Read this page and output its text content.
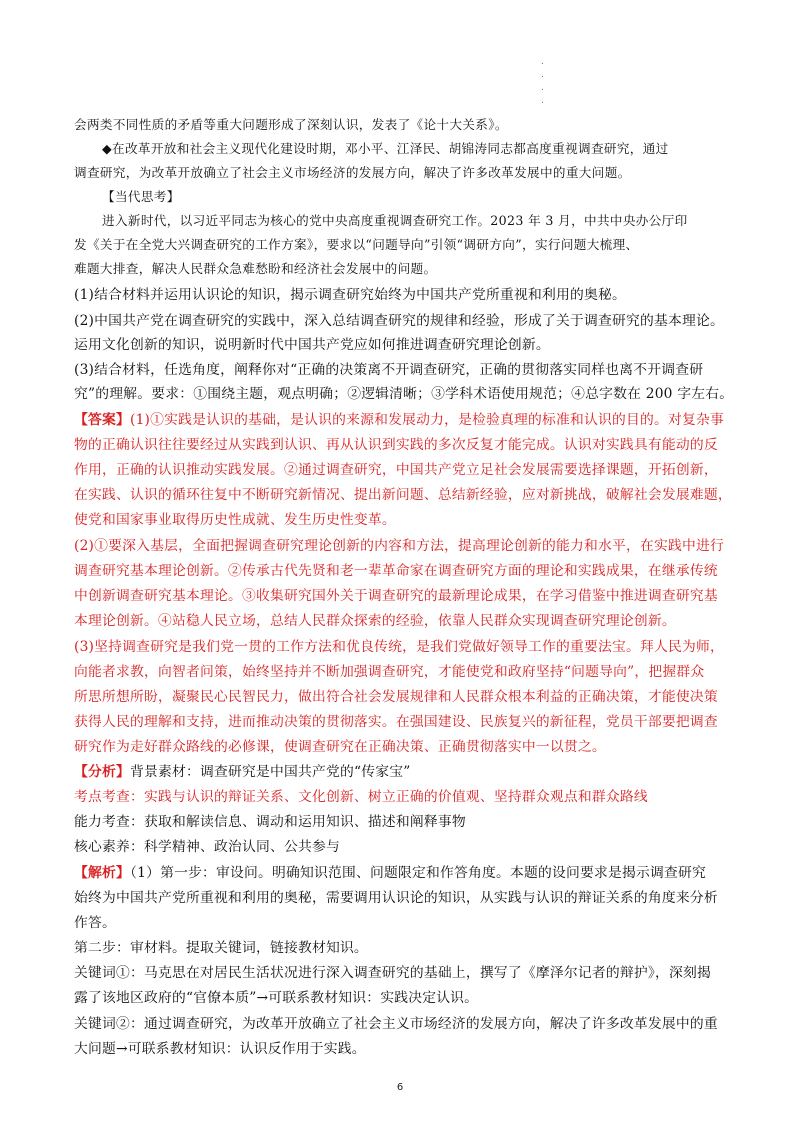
.
.
.
.
会两类不同性质的矛盾等重大问题形成了深刻认识，发表了《论十大关系》。
◆在改革开放和社会主义现代化建设时期，邓小平、江泽民、胡锦涛同志都高度重视调查研究，通过
调查研究，为改革开放确立了社会主义市场经济的发展方向，解决了许多改革发展中的重大问题。
【当代思考】
进入新时代，以习近平同志为核心的党中央高度重视调查研究工作。2023 年 3 月，中共中央办公厅印
发《关于在全党大兴调查研究的工作方案》，要求以“问题导向”引领“调研方向”，实行问题大梳理、
难题大排查，解决人民群众急难愁盼和经济社会发展中的问题。
(1)结合材料并运用认识论的知识，揭示调查研究始终为中国共产党所重视和利用的奥秘。
(2)中国共产党在调查研究的实践中，深入总结调查研究的规律和经验，形成了关于调查研究的基本理论。
运用文化创新的知识，说明新时代中国共产党应如何推进调查研究理论创新。
(3)结合材料，任选角度，阐释你对“正确的决策离不开调查研究，正确的贯彻落实同样也离不开调查研
究”的理解。要求：①围绕主题，观点明确；②逻辑清晰；③学科术语使用规范；④总字数在 200 字左右。
【答案】(1)①实践是认识的基础，是认识的来源和发展动力，是检验真理的标准和认识的目的。对复杂事
物的正确认识往往要经过从实践到认识、再从认识到实践的多次反复才能完成。认识对实践具有能动的反
作用，正确的认识推动实践发展。②通过调查研究，中国共产党立足社会发展需要选择课题，开拓创新，
在实践、认识的循环往复中不断研究新情况、提出新问题、总结新经验，应对新挑战，破解社会发展难题，
使党和国家事业取得历史性成就、发生历史性变革。
(2)①要深入基层，全面把握调查研究理论创新的内容和方法，提高理论创新的能力和水平，在实践中进行
调查研究基本理论创新。②传承古代先贤和老一辈革命家在调查研究方面的理论和实践成果，在继承传统
中创新调查研究基本理论。③收集研究国外关于调查研究的最新理论成果，在学习借鉴中推进调查研究基
本理论创新。④站稳人民立场，总结人民群众探索的经验，依靠人民群众实现调查研究理论创新。
(3)坚持调查研究是我们党一贯的工作方法和优良传统，是我们党做好领导工作的重要法宝。拜人民为师，
向能者求教，向智者问策，始终坚持并不断加强调查研究，才能使党和政府坚持“问题导向”，把握群众
所思所想所盼，凝聚民心民智民力，做出符合社会发展规律和人民群众根本利益的正确决策，才能使决策
获得人民的理解和支持，进而推动决策的贯彻落实。在强国建设、民族复兴的新征程，党员干部要把调查
研究作为走好群众路线的必修课，使调查研究在正确决策、正确贯彻落实中一以贯之。
【分析】背景素材：调查研究是中国共产党的“传家宝”
考点考查：实践与认识的辩证关系、文化创新、树立正确的价值观、坚持群众观点和群众路线
能力考查：获取和解读信息、调动和运用知识、描述和阐释事物
核心素养：科学精神、政治认同、公共参与
【解析】（1）第一步：审设问。明确知识范围、问题限定和作答角度。本题的设问要求是揭示调查研究
始终为中国共产党所重视和利用的奥秘，需要调用认识论的知识，从实践与认识的辩证关系的角度来分析
作答。
第二步：审材料。提取关键词，链接教材知识。
关键词①：马克思在对居民生活状况进行深入调查研究的基础上，撰写了《摩泽尔记者的辩护》，深刻揭
露了该地区政府的“官僚本质”→可联系教材知识：实践决定认识。
关键词②：通过调查研究，为改革开放确立了社会主义市场经济的发展方向，解决了许多改革发展中的重
大问题→可联系教材知识：认识反作用于实践。
6
